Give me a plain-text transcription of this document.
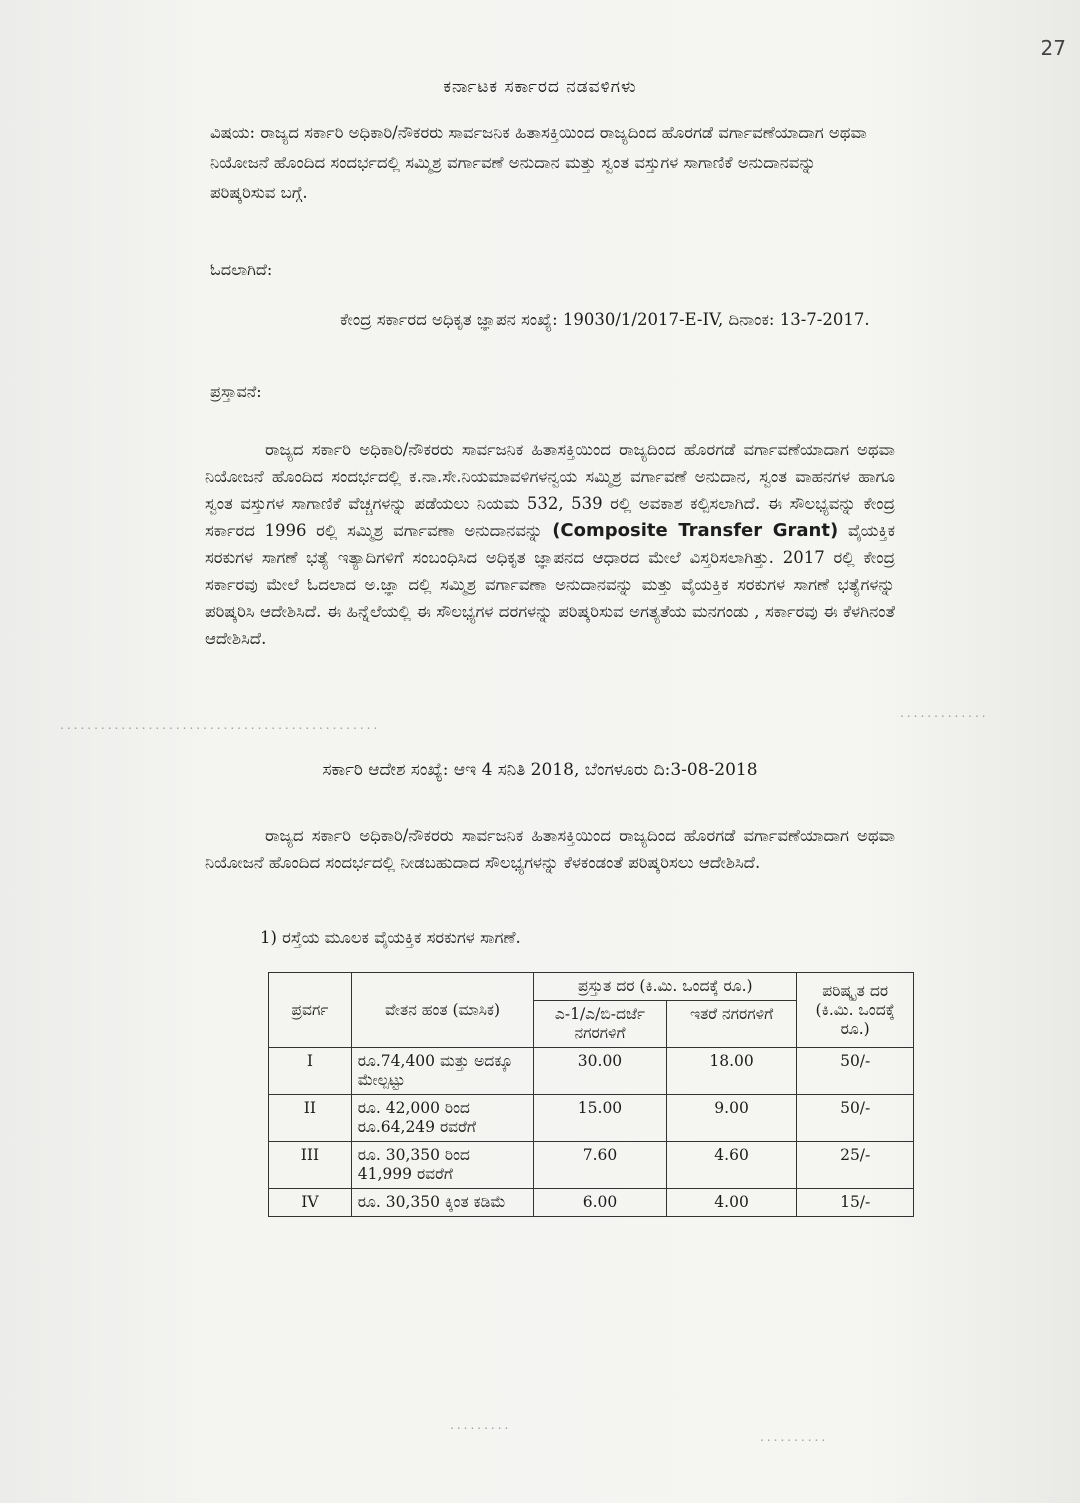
27
ಕರ್ನಾಟಕ ಸರ್ಕಾರದ ನಡವಳಿಗಳು
ವಿಷಯ: ರಾಜ್ಯದ ಸರ್ಕಾರಿ ಅಧಿಕಾರಿ/ನೌಕರರು ಸಾರ್ವಜನಿಕ ಹಿತಾಸಕ್ತಿಯಿಂದ ರಾಜ್ಯದಿಂದ ಹೊರಗಡೆ ವರ್ಗಾವಣೆಯಾದಾಗ ಅಥವಾ ನಿಯೋಜನೆ ಹೊಂದಿದ ಸಂದರ್ಭದಲ್ಲಿ ಸಮ್ಮಿಶ್ರ ವರ್ಗಾವಣೆ ಅನುದಾನ ಮತ್ತು ಸ್ವಂತ ವಸ್ತುಗಳ ಸಾಗಾಣಿಕೆ ಅನುದಾನವನ್ನು ಪರಿಷ್ಕರಿಸುವ ಬಗ್ಗೆ.
ಓದಲಾಗಿದೆ:
ಕೇಂದ್ರ ಸರ್ಕಾರದ ಅಧಿಕೃತ ಜ್ಞಾಪನ ಸಂಖ್ಯೆ: 19030/1/2017-E-IV, ದಿನಾಂಕ: 13-7-2017.
ಪ್ರಸ್ತಾವನೆ:
ರಾಜ್ಯದ ಸರ್ಕಾರಿ ಅಧಿಕಾರಿ/ನೌಕರರು ಸಾರ್ವಜನಿಕ ಹಿತಾಸಕ್ತಿಯಿಂದ ರಾಜ್ಯದಿಂದ ಹೊರಗಡೆ ವರ್ಗಾವಣೆಯಾದಾಗ ಅಥವಾ ನಿಯೋಜನೆ ಹೊಂದಿದ ಸಂದರ್ಭದಲ್ಲಿ ಕ.ನಾ.ಸೇ.ನಿಯಮಾವಳಿಗಳನ್ವಯ ಸಮ್ಮಿಶ್ರ ವರ್ಗಾವಣೆ ಅನುದಾನ, ಸ್ವಂತ ವಾಹನಗಳ ಹಾಗೂ ಸ್ವಂತ ವಸ್ತುಗಳ ಸಾಗಾಣಿಕೆ ವೆಚ್ಚಗಳನ್ನು ಪಡೆಯಲು ನಿಯಮ 532, 539 ರಲ್ಲಿ ಅವಕಾಶ ಕಲ್ಪಿಸಲಾಗಿದೆ. ಈ ಸೌಲಭ್ಯವನ್ನು ಕೇಂದ್ರ ಸರ್ಕಾರದ 1996 ರಲ್ಲಿ ಸಮ್ಮಿಶ್ರ ವರ್ಗಾವಣಾ ಅನುದಾನವನ್ನು (Composite Transfer Grant) ವೈಯಕ್ತಿಕ ಸರಕುಗಳ ಸಾಗಣೆ ಭತ್ಯೆ ಇತ್ಯಾದಿಗಳಿಗೆ ಸಂಬಂಧಿಸಿದ ಅಧಿಕೃತ ಜ್ಞಾಪನದ ಆಧಾರದ ಮೇಲೆ ವಿಸ್ತರಿಸಲಾಗಿತ್ತು. 2017 ರಲ್ಲಿ ಕೇಂದ್ರ ಸರ್ಕಾರವು ಮೇಲೆ ಓದಲಾದ ಅ.ಜ್ಞಾ ದಲ್ಲಿ ಸಮ್ಮಿಶ್ರ ವರ್ಗಾವಣಾ ಅನುದಾನವನ್ನು ಮತ್ತು ವೈಯಕ್ತಿಕ ಸರಕುಗಳ ಸಾಗಣೆ ಭತ್ಯೆಗಳನ್ನು ಪರಿಷ್ಕರಿಸಿ ಆದೇಶಿಸಿದೆ. ಈ ಹಿನ್ನೆಲೆಯಲ್ಲಿ ಈ ಸೌಲಭ್ಯಗಳ ದರಗಳನ್ನು ಪರಿಷ್ಕರಿಸುವ ಅಗತ್ಯತೆಯ ಮನಗಂಡು , ಸರ್ಕಾರವು ಈ ಕೆಳಗಿನಂತೆ ಆದೇಶಿಸಿದೆ.
...............................................
.............
ಸರ್ಕಾರಿ ಆದೇಶ ಸಂಖ್ಯೆ: ಆಇ 4 ಸನಿತಿ 2018, ಬೆಂಗಳೂರು ದಿ:3-08-2018
ರಾಜ್ಯದ ಸರ್ಕಾರಿ ಅಧಿಕಾರಿ/ನೌಕರರು ಸಾರ್ವಜನಿಕ ಹಿತಾಸಕ್ತಿಯಿಂದ ರಾಜ್ಯದಿಂದ ಹೊರಗಡೆ ವರ್ಗಾವಣೆಯಾದಾಗ ಅಥವಾ ನಿಯೋಜನೆ ಹೊಂದಿದ ಸಂದರ್ಭದಲ್ಲಿ ನೀಡಬಹುದಾದ ಸೌಲಭ್ಯಗಳನ್ನು ಕೆಳಕಂಡಂತೆ ಪರಿಷ್ಕರಿಸಲು ಆದೇಶಿಸಿದೆ.
1) ರಸ್ತೆಯ ಮೂಲಕ ವೈಯಕ್ತಿಕ ಸರಕುಗಳ ಸಾಗಣೆ.
ಪ್ರವರ್ಗ	ವೇತನ ಹಂತ (ಮಾಸಿಕ)	ಪ್ರಸ್ತುತ ದರ (ಕಿ.ಮಿ. ಒಂದಕ್ಕೆ ರೂ.)		ಪರಿಷ್ಕೃತ ದರ (ಕಿ.ಮಿ. ಒಂದಕ್ಕೆ ರೂ.)
		ಎ-1/ಎ/ಬಿ-ದರ್ಜೆ ನಗರಗಳಿಗೆ	ಇತರೆ ನಗರಗಳಿಗೆ	
I	ರೂ.74,400 ಮತ್ತು ಅದಕ್ಕೂ ಮೇಲ್ಪಟ್ಟು	30.00	18.00	50/-
II	ರೂ. 42,000 ರಿಂದ ರೂ.64,249 ರವರೆಗೆ	15.00	9.00	50/-
III	ರೂ. 30,350 ರಿಂದ 41,999 ರವರೆಗೆ	7.60	4.60	25/-
IV	ರೂ. 30,350 ಕ್ಕಿಂತ ಕಡಿಮೆ	6.00	4.00	15/-
.........
..........
